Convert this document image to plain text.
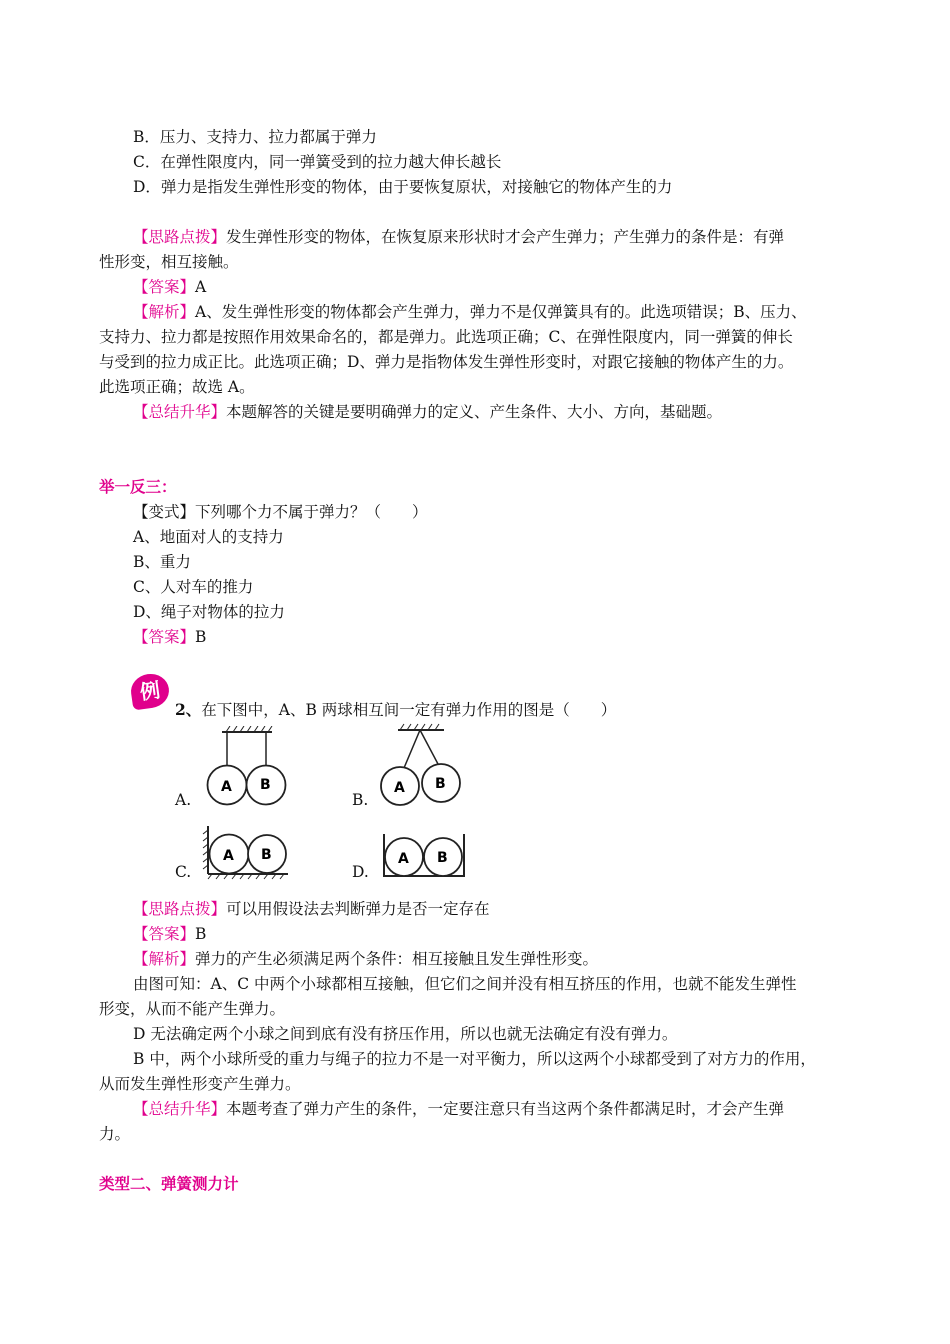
B．压力、支持力、拉力都属于弹力
C．在弹性限度内，同一弹簧受到的拉力越大伸长越长
D．弹力是指发生弹性形变的物体，由于要恢复原状，对接触它的物体产生的力
【思路点拨】发生弹性形变的物体，在恢复原来形状时才会产生弹力；产生弹力的条件是：有弹
性形变，相互接触。
【答案】A
【解析】A、发生弹性形变的物体都会产生弹力，弹力不是仅弹簧具有的。此选项错误；B、压力、
支持力、拉力都是按照作用效果命名的，都是弹力。此选项正确；C、在弹性限度内，同一弹簧的伸长
与受到的拉力成正比。此选项正确；D、弹力是指物体发生弹性形变时，对跟它接触的物体产生的力。
此选项正确；故选 A。
【总结升华】本题解答的关键是要明确弹力的定义、产生条件、大小、方向，基础题。
举一反三：
【变式】下列哪个力不属于弹力？（　　）
A、地面对人的支持力
B、重力
C、人对车的推力
D、绳子对物体的拉力
【答案】B
例
2、在下图中，A、B 两球相互间一定有弹力作用的图是（　　）
A.	B.
C.	D.
A B	A B
A B	A B
【思路点拨】可以用假设法去判断弹力是否一定存在
【答案】B
【解析】弹力的产生必须满足两个条件：相互接触且发生弹性形变。
由图可知：A、C 中两个小球都相互接触，但它们之间并没有相互挤压的作用，也就不能发生弹性
形变，从而不能产生弹力。
D 无法确定两个小球之间到底有没有挤压作用，所以也就无法确定有没有弹力。
B 中，两个小球所受的重力与绳子的拉力不是一对平衡力，所以这两个小球都受到了对方力的作用，
从而发生弹性形变产生弹力。
【总结升华】本题考查了弹力产生的条件，一定要注意只有当这两个条件都满足时，才会产生弹
力。
类型二、弹簧测力计
